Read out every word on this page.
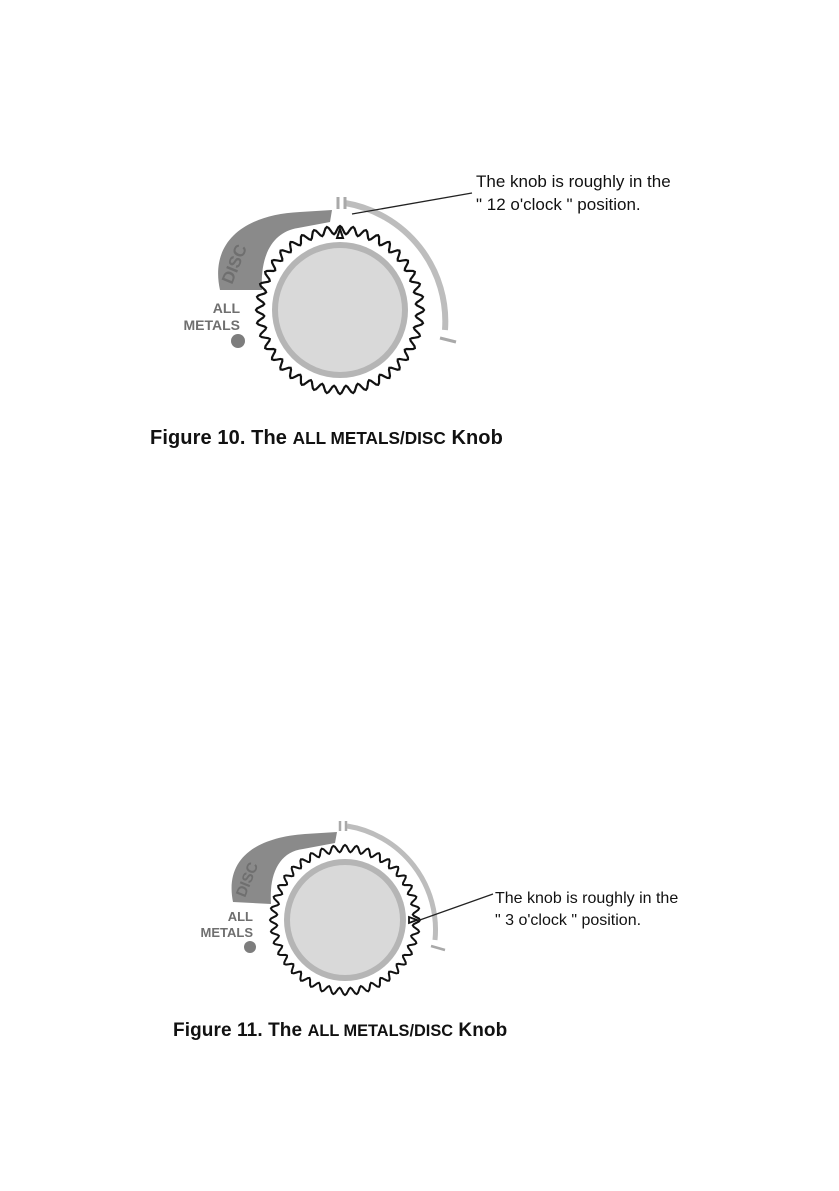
DISC
ALL
METALS
The knob is roughly in the
" 12 o'clock " position.
Figure 10. The ALL METALS/DISC Knob
DISC
ALL
METALS
The knob is roughly in the
" 3 o'clock " position.
Figure 11. The ALL METALS/DISC Knob
